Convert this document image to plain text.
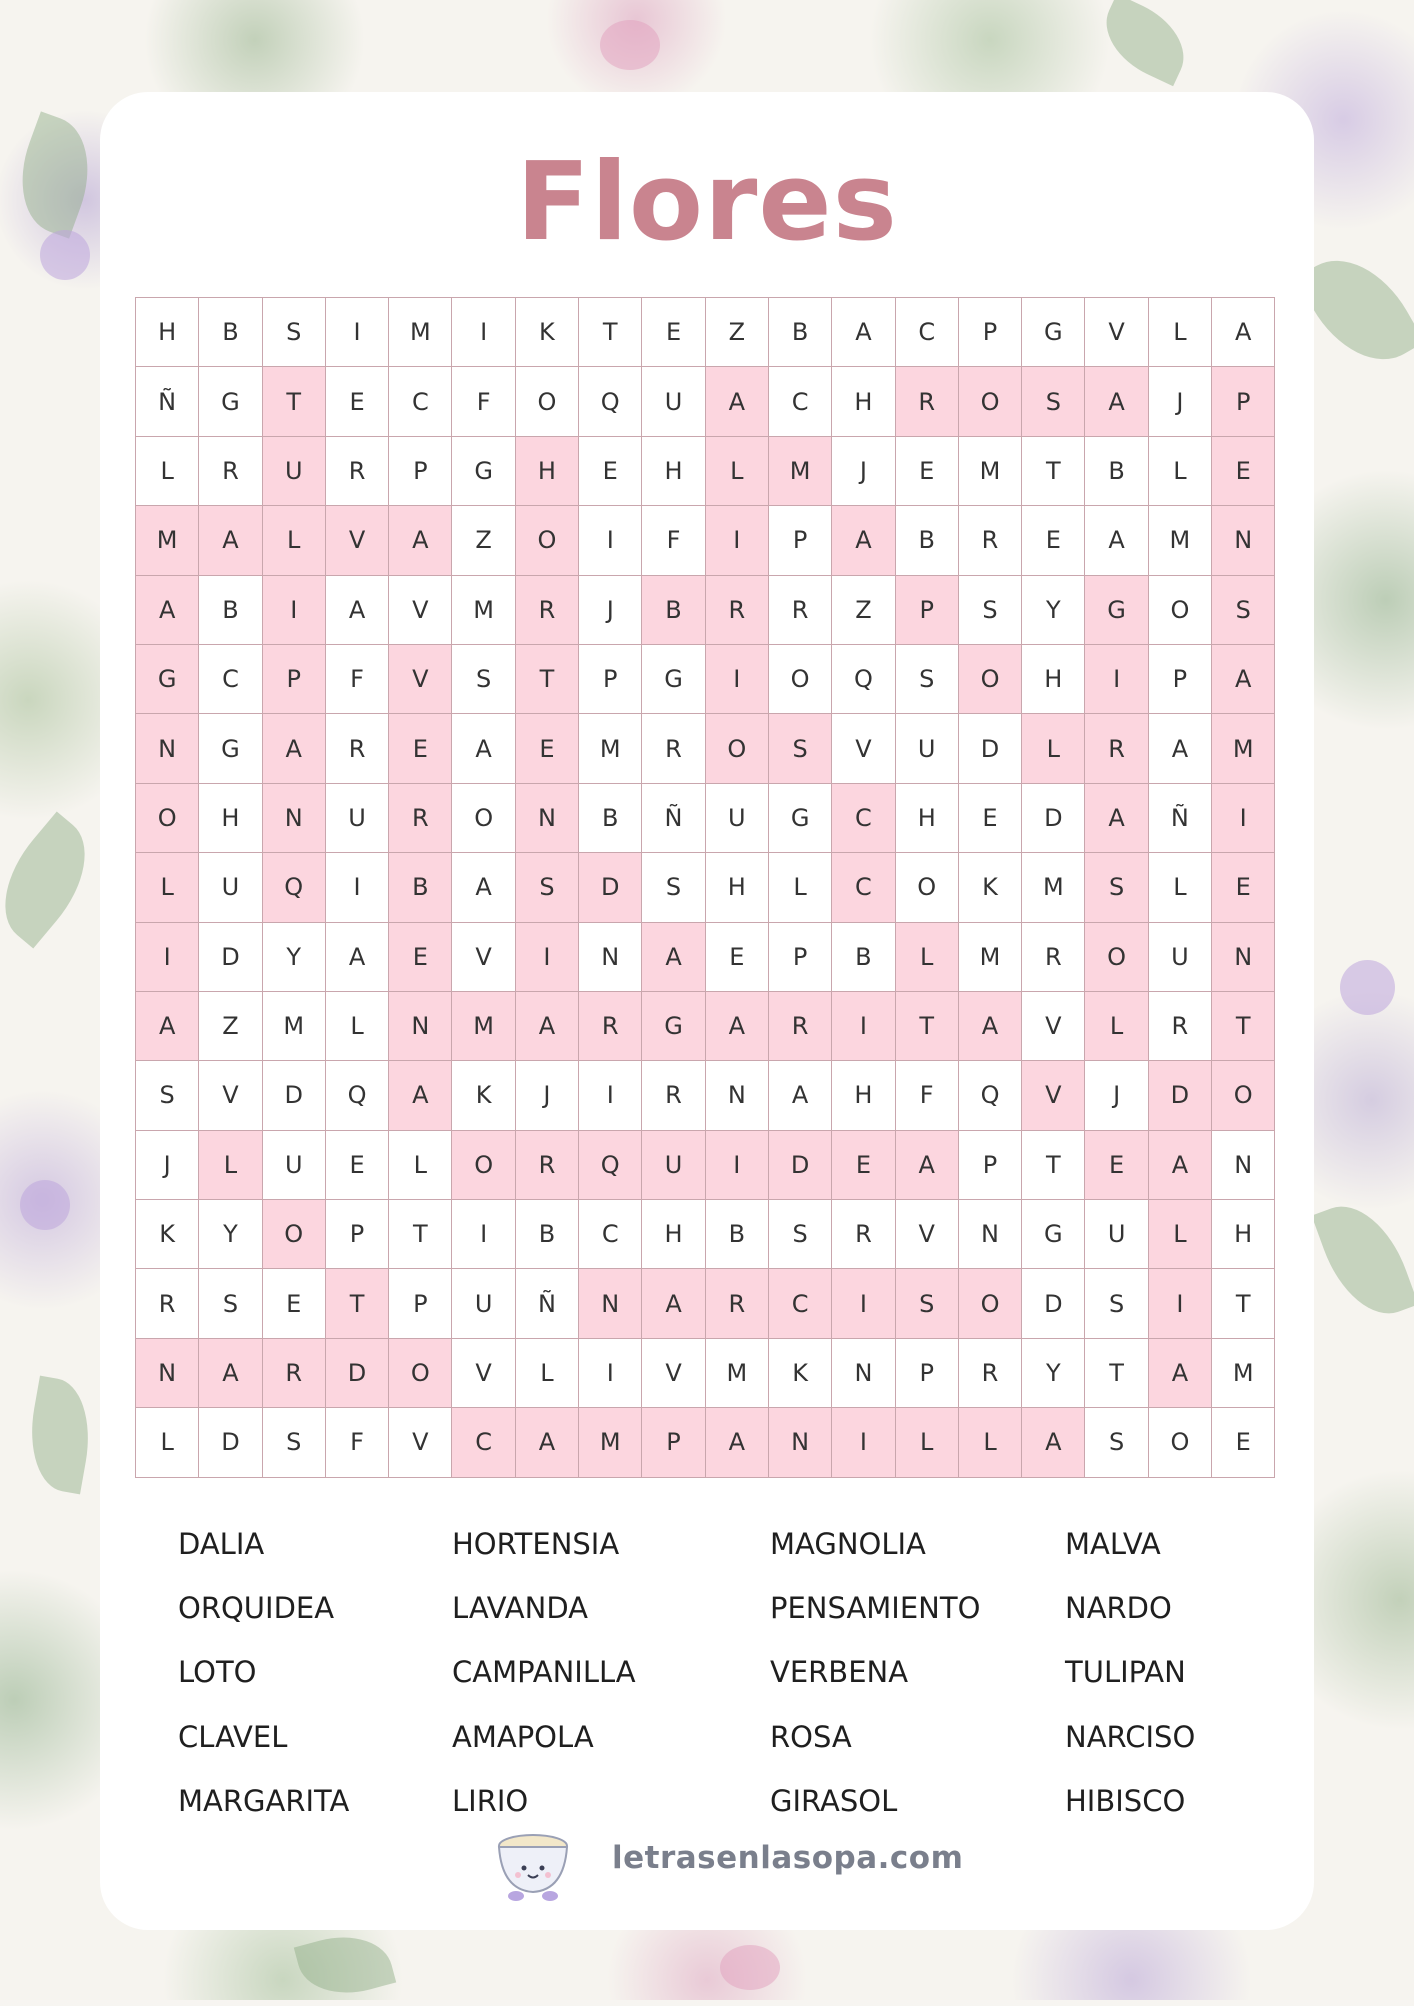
Flores
H	B	S	I	M	I	K	T	E	Z	B	A	C	P	G	V	L	A
Ñ	G	T	E	C	F	O	Q	U	A	C	H	R	O	S	A	J	P
L	R	U	R	P	G	H	E	H	L	M	J	E	M	T	B	L	E
M	A	L	V	A	Z	O	I	F	I	P	A	B	R	E	A	M	N
A	B	I	A	V	M	R	J	B	R	R	Z	P	S	Y	G	O	S
G	C	P	F	V	S	T	P	G	I	O	Q	S	O	H	I	P	A
N	G	A	R	E	A	E	M	R	O	S	V	U	D	L	R	A	M
O	H	N	U	R	O	N	B	Ñ	U	G	C	H	E	D	A	Ñ	I
L	U	Q	I	B	A	S	D	S	H	L	C	O	K	M	S	L	E
I	D	Y	A	E	V	I	N	A	E	P	B	L	M	R	O	U	N
A	Z	M	L	N	M	A	R	G	A	R	I	T	A	V	L	R	T
S	V	D	Q	A	K	J	I	R	N	A	H	F	Q	V	J	D	O
J	L	U	E	L	O	R	Q	U	I	D	E	A	P	T	E	A	N
K	Y	O	P	T	I	B	C	H	B	S	R	V	N	G	U	L	H
R	S	E	T	P	U	Ñ	N	A	R	C	I	S	O	D	S	I	T
N	A	R	D	O	V	L	I	V	M	K	N	P	R	Y	T	A	M
L	D	S	F	V	C	A	M	P	A	N	I	L	L	A	S	O	E
DALIA
ORQUIDEA
LOTO
CLAVEL
MARGARITA
HORTENSIA
LAVANDA
CAMPANILLA
AMAPOLA
LIRIO
MAGNOLIA
PENSAMIENTO
VERBENA
ROSA
GIRASOL
MALVA
NARDO
TULIPAN
NARCISO
HIBISCO
letrasenlasopa.com
